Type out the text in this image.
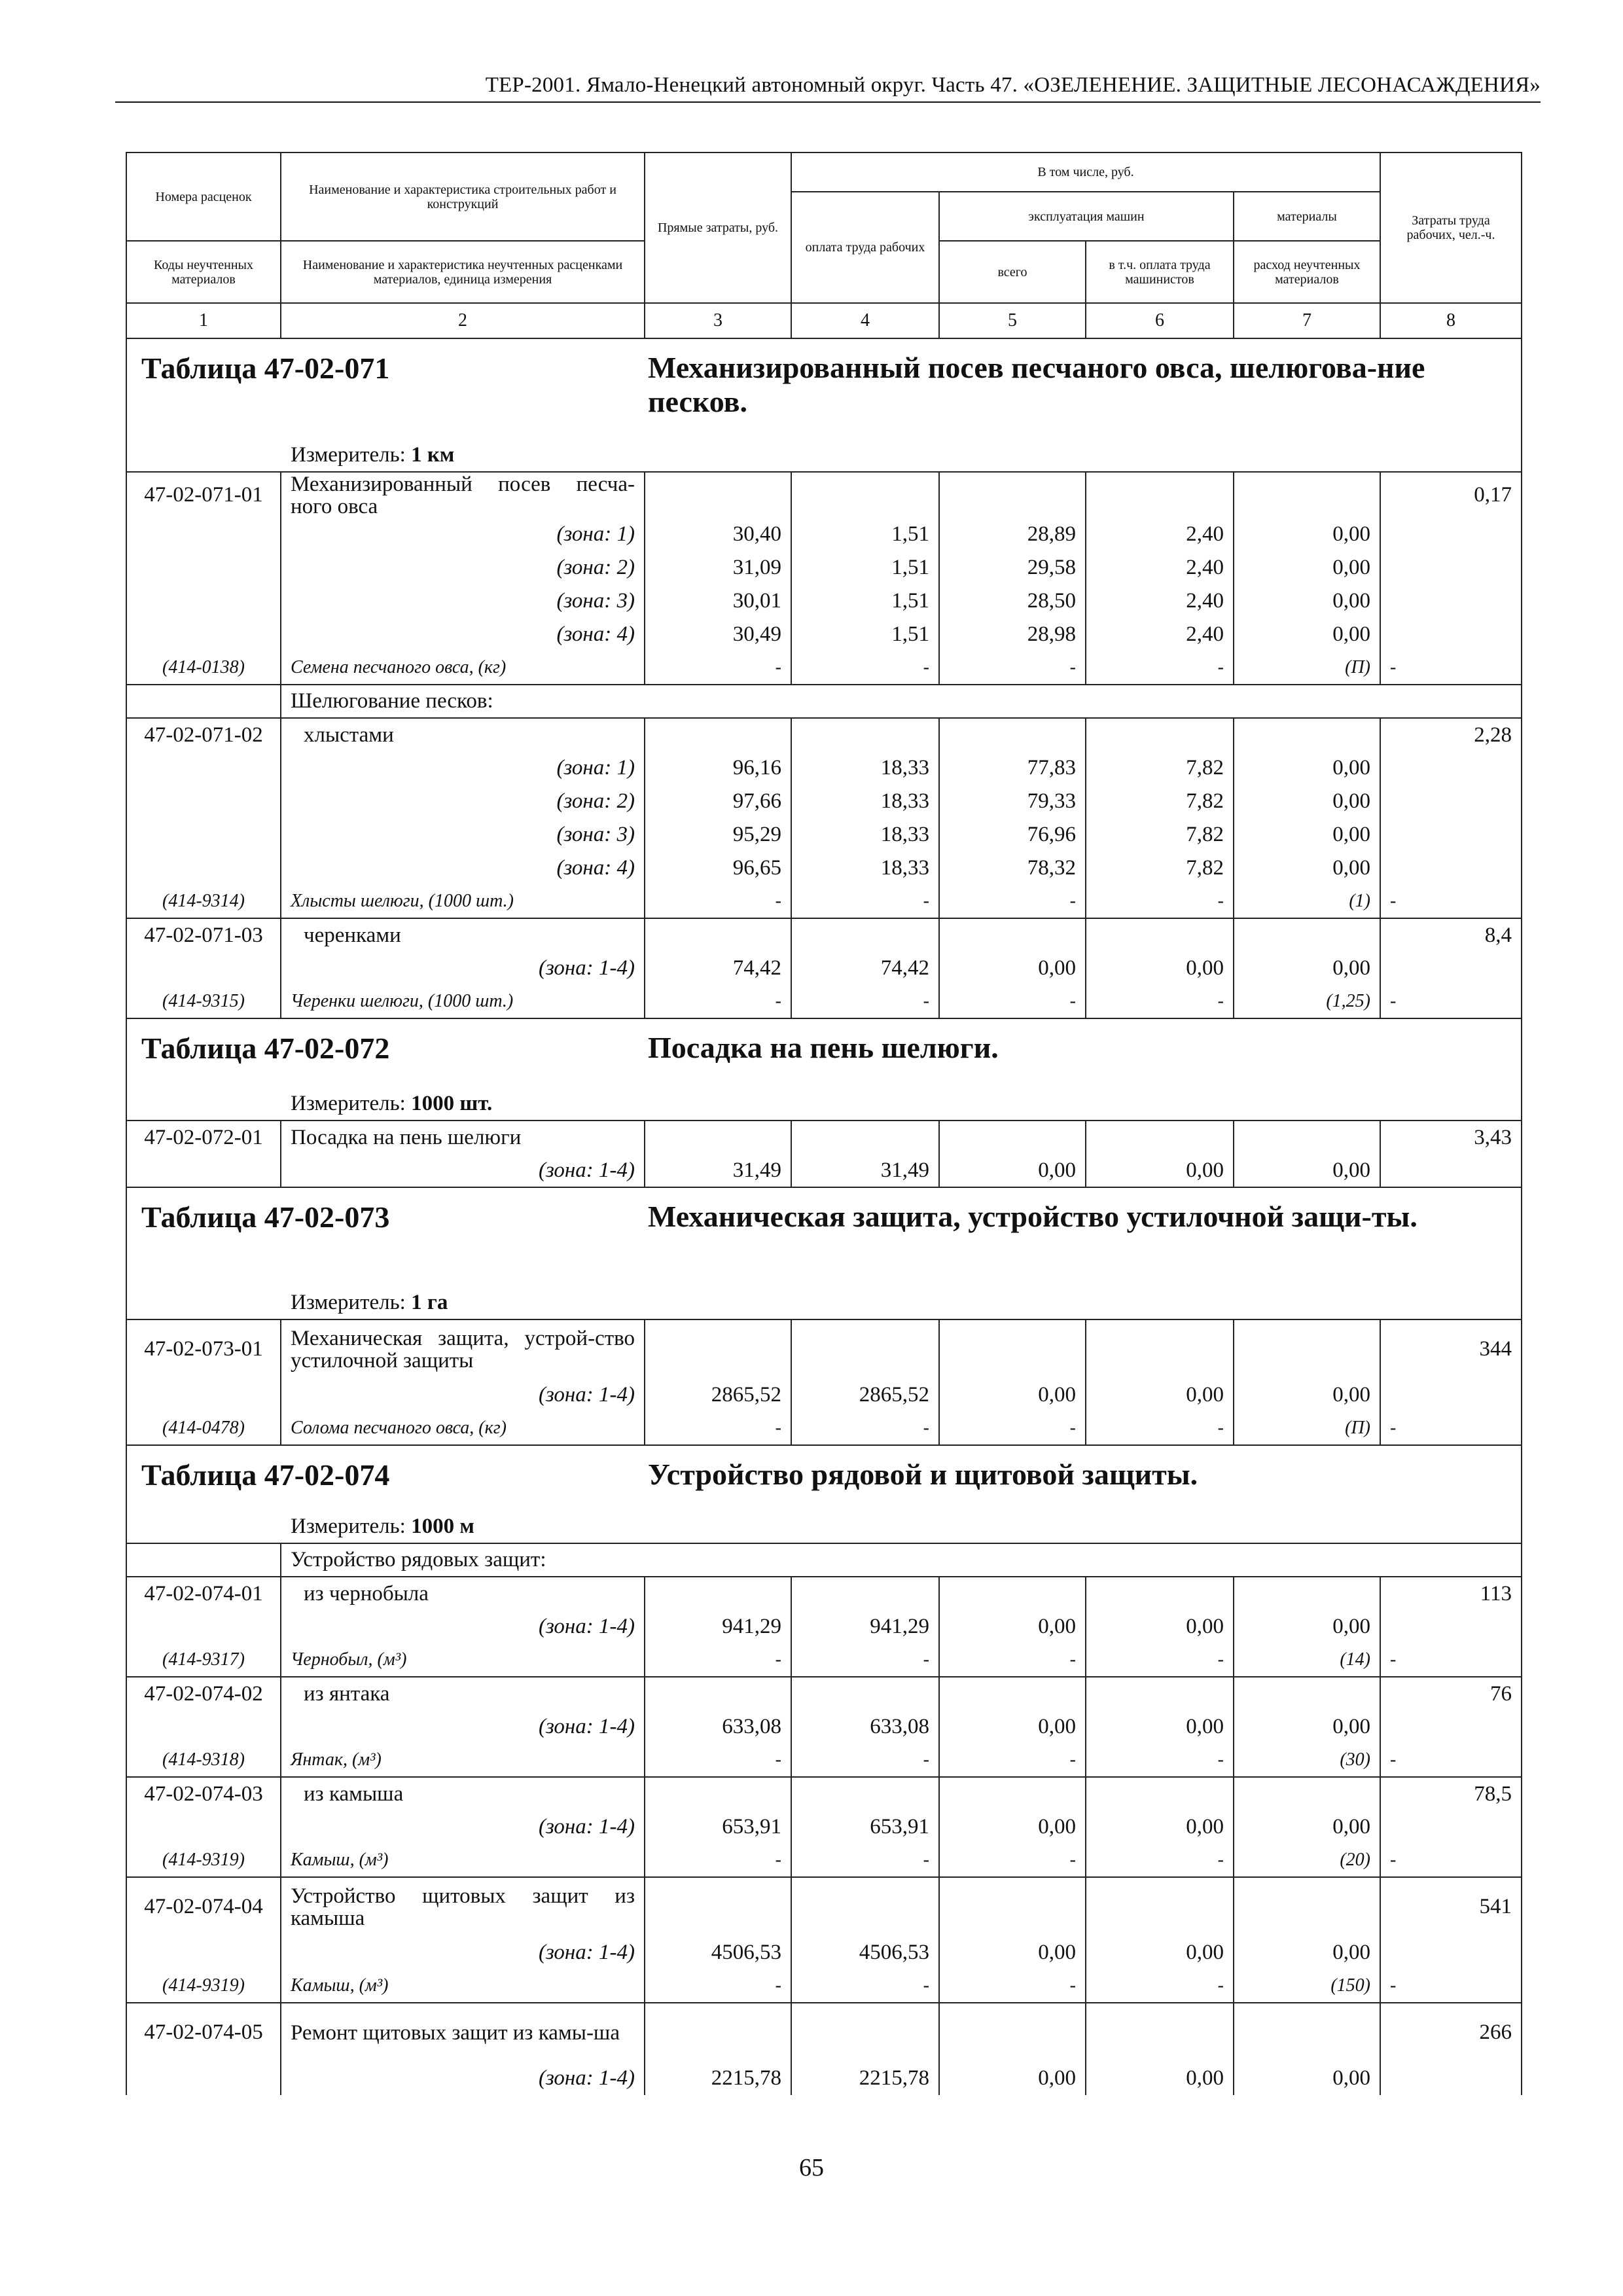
ТЕР-2001. Ямало-Ненецкий автономный округ. Часть 47. «ОЗЕЛЕНЕНИЕ. ЗАЩИТНЫЕ ЛЕСОНАСАЖДЕНИЯ»
Номера расценок	Наименование и характеристика строительных работ и конструкций	Прямые затраты, руб.	В том числе, руб.				Затраты труда рабочих, чел.-ч.
			оплата труда рабочих	эксплуатация машин		материалы	
Коды неучтенных материалов	Наименование и характеристика неучтенных расценками материалов, единица измерения			всего	в т.ч. оплата труда машинистов	расход неучтенных материалов	
1	2	3	4	5	6	7	8

Таблица 47-02-071 Механизированный посев песчаного овса, шелюгова-ние песков.
Измеритель: 1 км							

47-02-071-01	Механизированный посев песча-ного овса						0,17
	(зона: 1)	30,40	1,51	28,89	2,40	0,00	
	(зона: 2)	31,09	1,51	29,58	2,40	0,00	
	(зона: 3)	30,01	1,51	28,50	2,40	0,00	
	(зона: 4)	30,49	1,51	28,98	2,40	0,00	
(414-0138)	Семена песчаного овса, (кг)	-	-	-	-	(П)	-
	Шелюгование песков:						
47-02-071-02	хлыстами						2,28
	(зона: 1)	96,16	18,33	77,83	7,82	0,00	
	(зона: 2)	97,66	18,33	79,33	7,82	0,00	
	(зона: 3)	95,29	18,33	76,96	7,82	0,00	
	(зона: 4)	96,65	18,33	78,32	7,82	0,00	
(414-9314)	Хлысты шелюги, (1000 шт.)	-	-	-	-	(1)	-
47-02-071-03	черенками						8,4
	(зона: 1-4)	74,42	74,42	0,00	0,00	0,00	
(414-9315)	Черенки шелюги, (1000 шт.)	-	-	-	-	(1,25)	-

Таблица 47-02-072 Посадка на пень шелюги.
Измеритель: 1000 шт.							

47-02-072-01	Посадка на пень шелюги						3,43
	(зона: 1-4)	31,49	31,49	0,00	0,00	0,00	

Таблица 47-02-073 Механическая защита, устройство устилочной защи-ты.
Измеритель: 1 га							

47-02-073-01	Механическая защита, устрой-ство устилочной защиты						344
	(зона: 1-4)	2865,52	2865,52	0,00	0,00	0,00	
(414-0478)	Солома песчаного овса, (кг)	-	-	-	-	(П)	-

Таблица 47-02-074 Устройство рядовой и щитовой защиты.
Измеритель: 1000 м							

	Устройство рядовых защит:						
47-02-074-01	из чернобыла						113
	(зона: 1-4)	941,29	941,29	0,00	0,00	0,00	
(414-9317)	Чернобыл, (м³)	-	-	-	-	(14)	-
47-02-074-02	из янтака						76
	(зона: 1-4)	633,08	633,08	0,00	0,00	0,00	
(414-9318)	Янтак, (м³)	-	-	-	-	(30)	-
47-02-074-03	из камыша						78,5
	(зона: 1-4)	653,91	653,91	0,00	0,00	0,00	
(414-9319)	Камыш, (м³)	-	-	-	-	(20)	-
47-02-074-04	Устройство щитовых защит из камыша						541
	(зона: 1-4)	4506,53	4506,53	0,00	0,00	0,00	
(414-9319)	Камыш, (м³)	-	-	-	-	(150)	-
47-02-074-05	Ремонт щитовых защит из камы-ша						266
	(зона: 1-4)	2215,78	2215,78	0,00	0,00	0,00	
65
